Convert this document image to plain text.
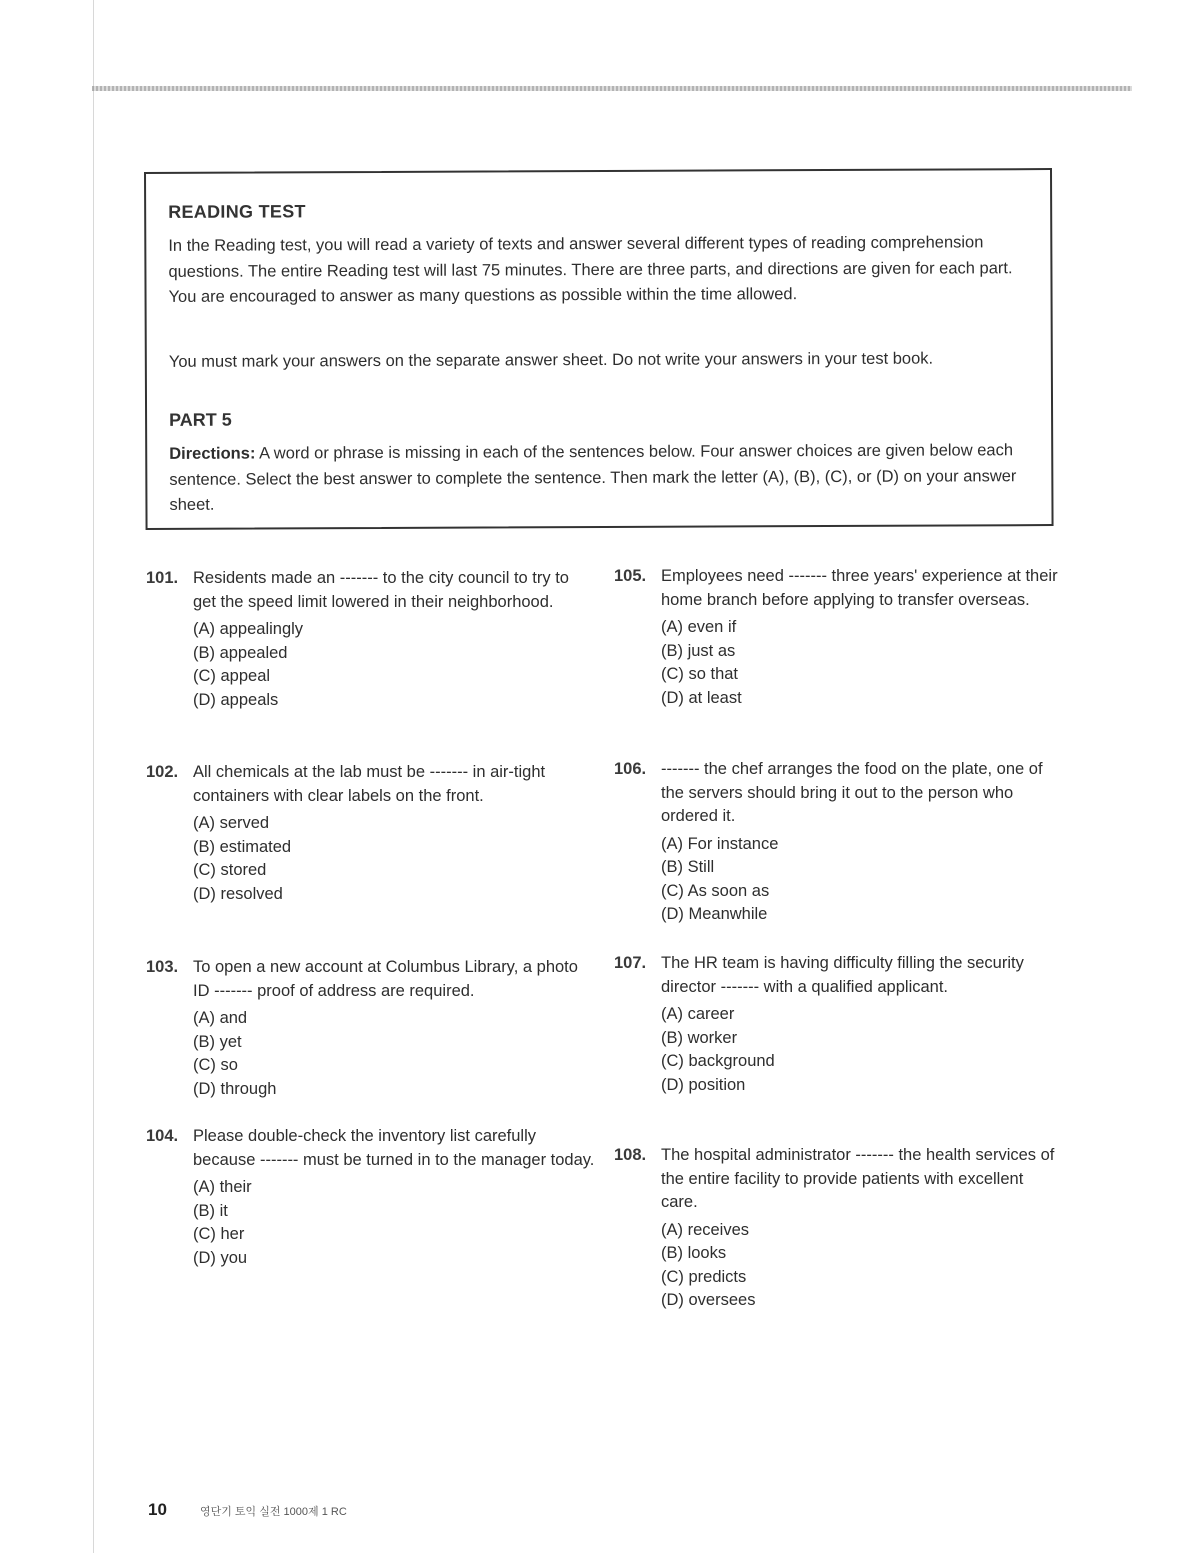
READING TEST
In the Reading test, you will read a variety of texts and answer several different types of reading comprehension questions. The entire Reading test will last 75 minutes. There are three parts, and directions are given for each part. You are encouraged to answer as many questions as possible within the time allowed.
You must mark your answers on the separate answer sheet. Do not write your answers in your test book.
PART 5
Directions: A word or phrase is missing in each of the sentences below. Four answer choices are given below each sentence. Select the best answer to complete the sentence. Then mark the letter (A), (B), (C), or (D) on your answer sheet.
101. Residents made an ------- to the city council to try to get the speed limit lowered in their neighborhood.
(A) appealingly
(B) appealed
(C) appeal
(D) appeals
102. All chemicals at the lab must be ------- in air-tight containers with clear labels on the front.
(A) served
(B) estimated
(C) stored
(D) resolved
103. To open a new account at Columbus Library, a photo ID ------- proof of address are required.
(A) and
(B) yet
(C) so
(D) through
104. Please double-check the inventory list carefully because ------- must be turned in to the manager today.
(A) their
(B) it
(C) her
(D) you
105. Employees need ------- three years' experience at their home branch before applying to transfer overseas.
(A) even if
(B) just as
(C) so that
(D) at least
106. ------- the chef arranges the food on the plate, one of the servers should bring it out to the person who ordered it.
(A) For instance
(B) Still
(C) As soon as
(D) Meanwhile
107. The HR team is having difficulty filling the security director ------- with a qualified applicant.
(A) career
(B) worker
(C) background
(D) position
108. The hospital administrator ------- the health services of the entire facility to provide patients with excellent care.
(A) receives
(B) looks
(C) predicts
(D) oversees
10	영단기 토익 실전 1000제 1 RC
